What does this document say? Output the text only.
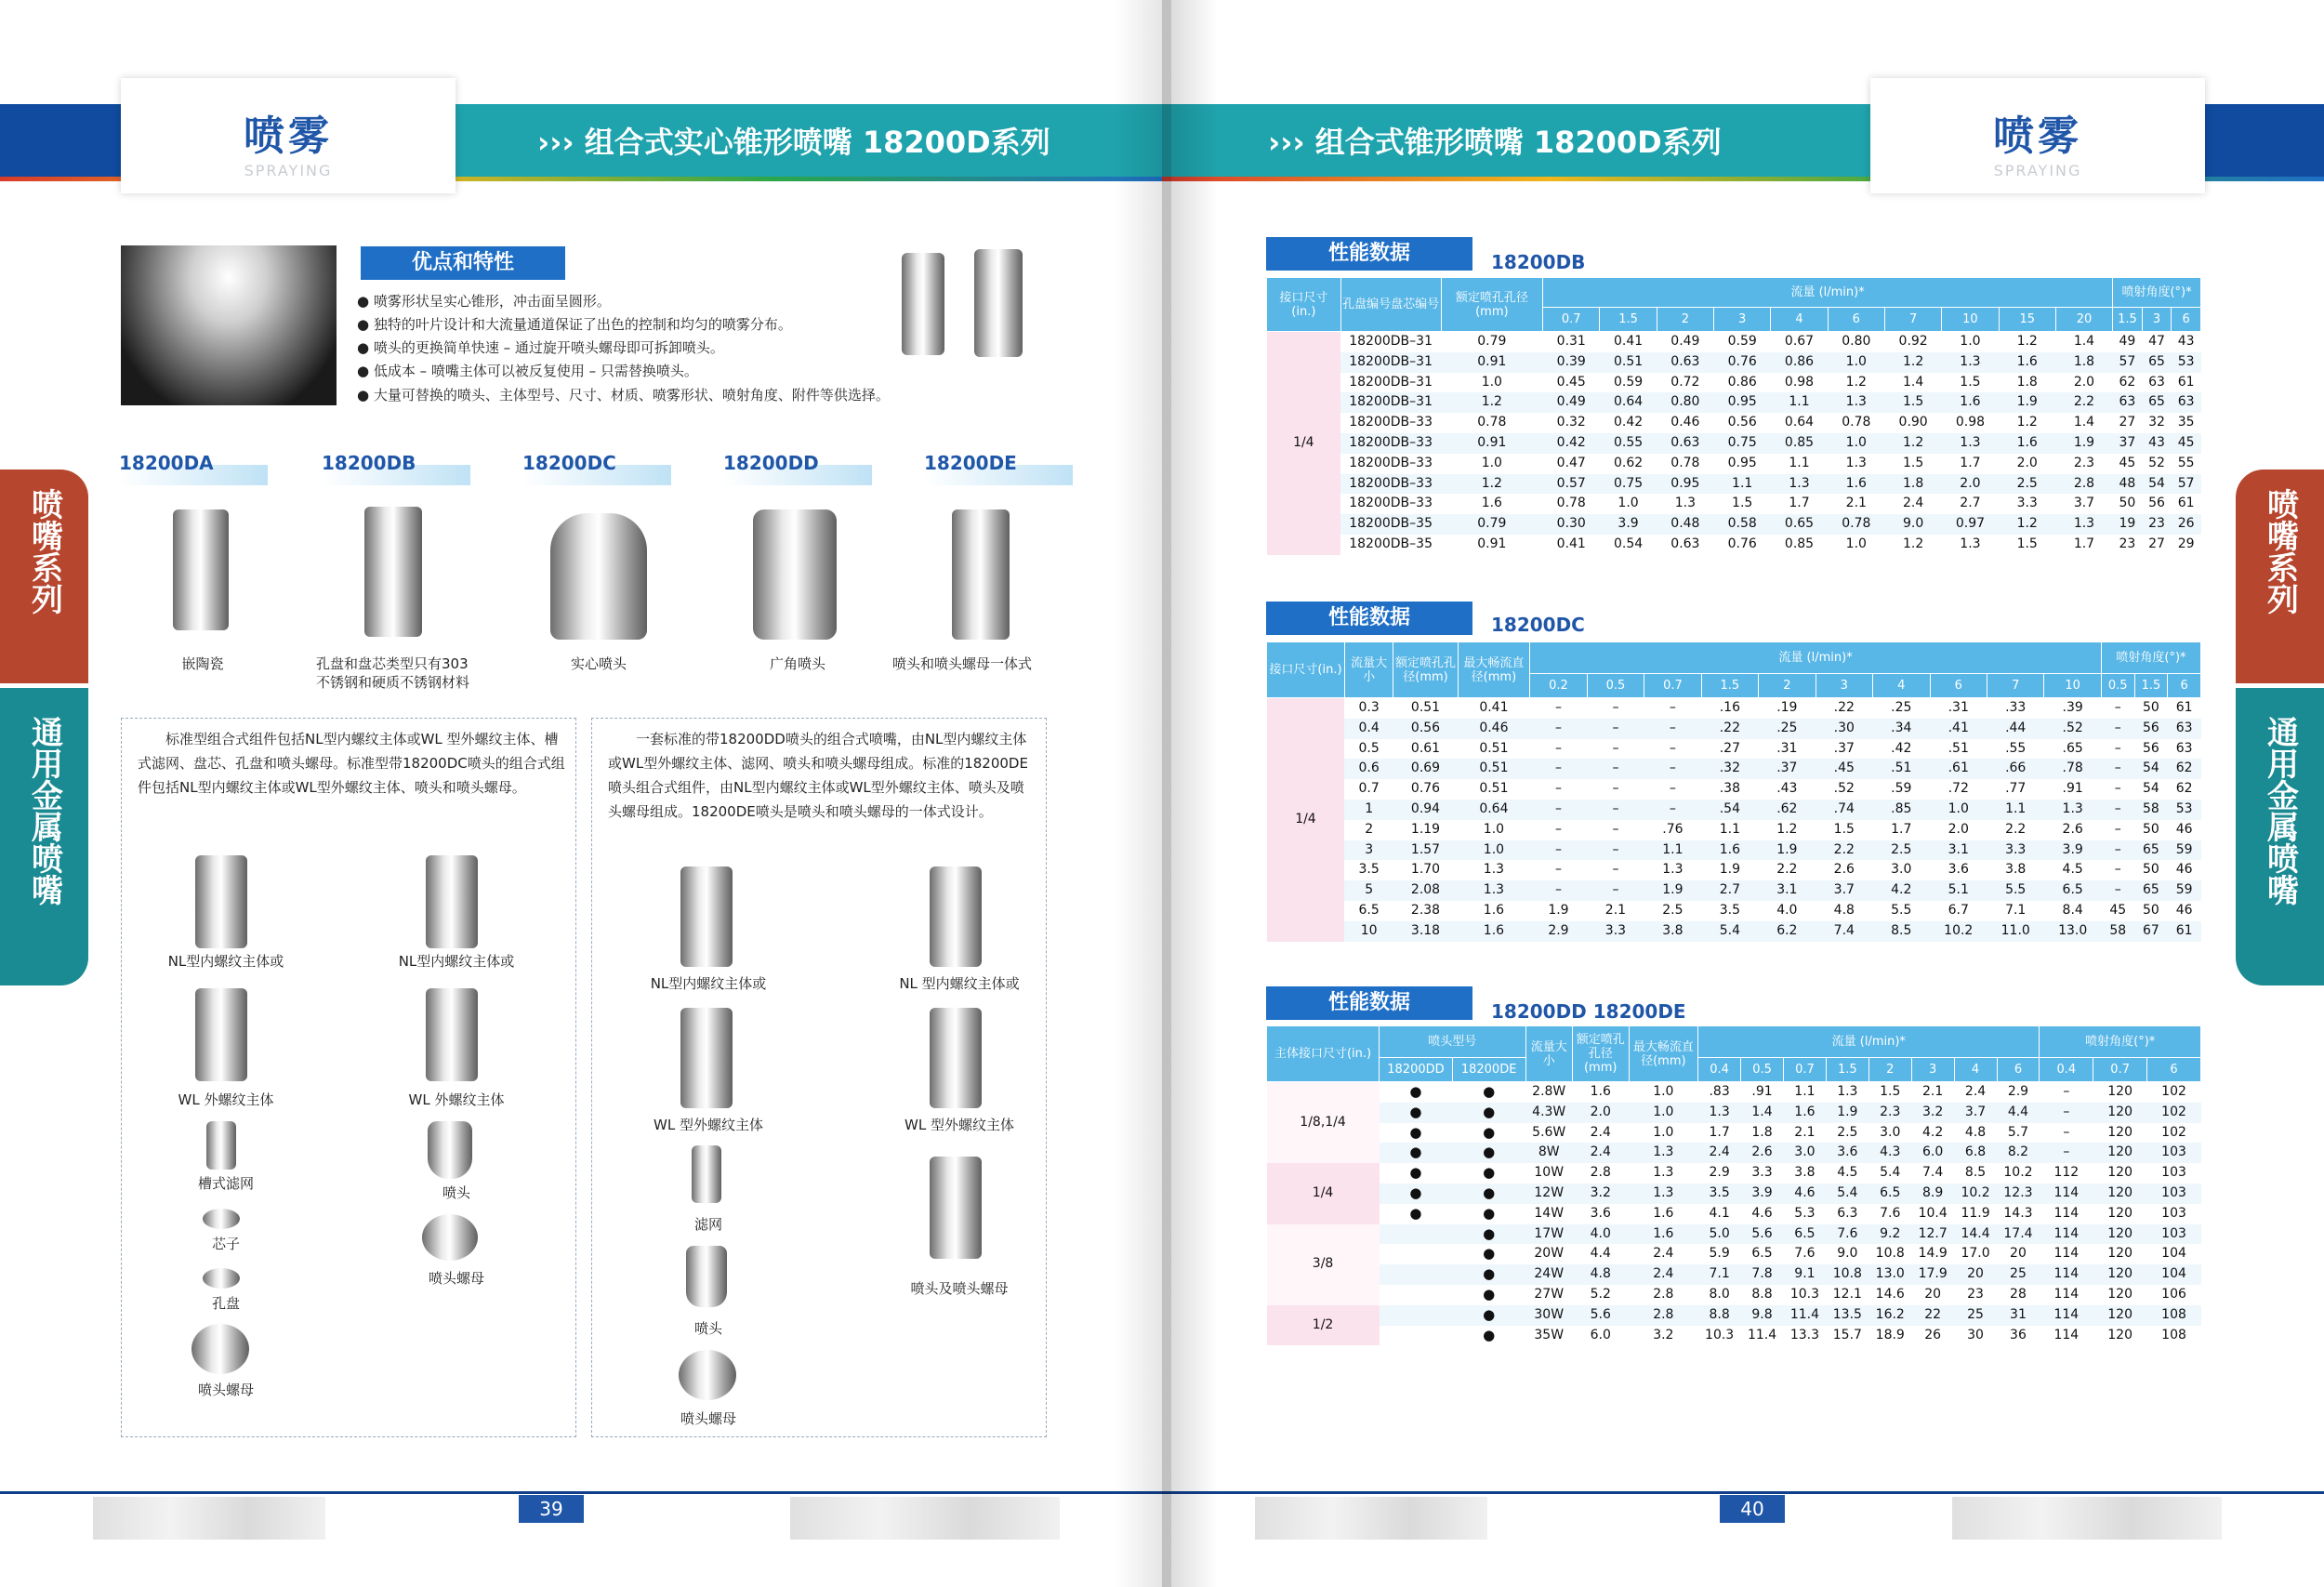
喷雾
SPRAYING
››› 组合式实心锥形喷嘴 18200D系列
喷嘴系列
通用金属喷嘴
优点和特性
● 喷雾形状呈实心锥形，冲击面呈圆形。
● 独特的叶片设计和大流量通道保证了出色的控制和均匀的喷雾分布。
● 喷头的更换简单快速 – 通过旋开喷头螺母即可拆卸喷头。
● 低成本 – 喷嘴主体可以被反复使用 – 只需替换喷头。
● 大量可替换的喷头、主体型号、尺寸、材质、喷雾形状、喷射角度、附件等供选择。
18200DA	18200DB	18200DC	18200DD	18200DE
嵌陶瓷	孔盘和盘芯类型只有303
不锈钢和硬质不锈钢材料
实心喷头	广角喷头	喷头和喷头螺母一体式
标准型组合式组件包括NL型内螺纹主体或WL 型外螺纹主体、槽式滤网、盘芯、孔盘和喷头螺母。标准型带18200DC喷头的组合式组件包括NL型内螺纹主体或WL型外螺纹主体、喷头和喷头螺母。
NL型内螺纹主体或	NL型内螺纹主体或
WL 外螺纹主体	WL 外螺纹主体
槽式滤网
喷头
芯子
喷头螺母
孔盘
喷头螺母
一套标准的带18200DD喷头的组合式喷嘴，由NL型内螺纹主体或WL型外螺纹主体、滤网、喷头和喷头螺母组成。标准的18200DE 喷头组合式组件，由NL型内螺纹主体或WL型外螺纹主体、喷头及喷头螺母组成。18200DE喷头是喷头和喷头螺母的一体式设计。
NL型内螺纹主体或	NL 型内螺纹主体或
WL 型外螺纹主体	WL 型外螺纹主体
滤网
喷头及喷头螺母
喷头
喷头螺母
39
喷雾
SPRAYING
››› 组合式锥形喷嘴 18200D系列
喷嘴系列
通用金属喷嘴
40
性能数据	18200DB
接口尺寸(in.)	孔盘编号盘芯编号	额定喷孔孔径(mm)	流量 (l/min)*										喷射角度(°)*		
			0.7	1.5	2	3	4	6	7	10	15	20	1.5	3	6
1/4	18200DB–31	0.79	0.31	0.41	0.49	0.59	0.67	0.80	0.92	1.0	1.2	1.4	49	47	43
	18200DB–31	0.91	0.39	0.51	0.63	0.76	0.86	1.0	1.2	1.3	1.6	1.8	57	65	53
	18200DB–31	1.0	0.45	0.59	0.72	0.86	0.98	1.2	1.4	1.5	1.8	2.0	62	63	61
	18200DB–31	1.2	0.49	0.64	0.80	0.95	1.1	1.3	1.5	1.6	1.9	2.2	63	65	63
	18200DB–33	0.78	0.32	0.42	0.46	0.56	0.64	0.78	0.90	0.98	1.2	1.4	27	32	35
	18200DB–33	0.91	0.42	0.55	0.63	0.75	0.85	1.0	1.2	1.3	1.6	1.9	37	43	45
	18200DB–33	1.0	0.47	0.62	0.78	0.95	1.1	1.3	1.5	1.7	2.0	2.3	45	52	55
	18200DB–33	1.2	0.57	0.75	0.95	1.1	1.3	1.6	1.8	2.0	2.5	2.8	48	54	57
	18200DB–33	1.6	0.78	1.0	1.3	1.5	1.7	2.1	2.4	2.7	3.3	3.7	50	56	61
	18200DB–35	0.79	0.30	3.9	0.48	0.58	0.65	0.78	9.0	0.97	1.2	1.3	19	23	26
	18200DB–35	0.91	0.41	0.54	0.63	0.76	0.85	1.0	1.2	1.3	1.5	1.7	23	27	29
性能数据	18200DC
接口尺寸(in.)	流量大小	额定喷孔孔径(mm)	最大畅流直径(mm)	流量 (l/min)*										喷射角度(°)*		
				0.2	0.5	0.7	1.5	2	3	4	6	7	10	0.5	1.5	6
1/4	0.3	0.51	0.41	–	–	–	.16	.19	.22	.25	.31	.33	.39	–	50	61
	0.4	0.56	0.46	–	–	–	.22	.25	.30	.34	.41	.44	.52	–	56	63
	0.5	0.61	0.51	–	–	–	.27	.31	.37	.42	.51	.55	.65	–	56	63
	0.6	0.69	0.51	–	–	–	.32	.37	.45	.51	.61	.66	.78	–	54	62
	0.7	0.76	0.51	–	–	–	.38	.43	.52	.59	.72	.77	.91	–	54	62
	1	0.94	0.64	–	–	–	.54	.62	.74	.85	1.0	1.1	1.3	–	58	53
	2	1.19	1.0	–	–	.76	1.1	1.2	1.5	1.7	2.0	2.2	2.6	–	50	46
	3	1.57	1.0	–	–	1.1	1.6	1.9	2.2	2.5	3.1	3.3	3.9	–	65	59
	3.5	1.70	1.3	–	–	1.3	1.9	2.2	2.6	3.0	3.6	3.8	4.5	–	50	46
	5	2.08	1.3	–	–	1.9	2.7	3.1	3.7	4.2	5.1	5.5	6.5	–	65	59
	6.5	2.38	1.6	1.9	2.1	2.5	3.5	4.0	4.8	5.5	6.7	7.1	8.4	45	50	46
	10	3.18	1.6	2.9	3.3	3.8	5.4	6.2	7.4	8.5	10.2	11.0	13.0	58	67	61
性能数据	18200DD 18200DE
主体接口尺寸(in.)	喷头型号		流量大小	额定喷孔孔径(mm)	最大畅流直径(mm)	流量 (l/min)*								喷射角度(°)*		
	18200DD	18200DE				0.4	0.5	0.7	1.5	2	3	4	6	0.4	0.7	6
1/8,1/4	●	●	2.8W	1.6	1.0	.83	.91	1.1	1.3	1.5	2.1	2.4	2.9	–	120	102
	●	●	4.3W	2.0	1.0	1.3	1.4	1.6	1.9	2.3	3.2	3.7	4.4	–	120	102
	●	●	5.6W	2.4	1.0	1.7	1.8	2.1	2.5	3.0	4.2	4.8	5.7	–	120	102
	●	●	8W	2.4	1.3	2.4	2.6	3.0	3.6	4.3	6.0	6.8	8.2	–	120	103
1/4	●	●	10W	2.8	1.3	2.9	3.3	3.8	4.5	5.4	7.4	8.5	10.2	112	120	103
	●	●	12W	3.2	1.3	3.5	3.9	4.6	5.4	6.5	8.9	10.2	12.3	114	120	103
	●	●	14W	3.6	1.6	4.1	4.6	5.3	6.3	7.6	10.4	11.9	14.3	114	120	103
3/8		●	17W	4.0	1.6	5.0	5.6	6.5	7.6	9.2	12.7	14.4	17.4	114	120	103
		●	20W	4.4	2.4	5.9	6.5	7.6	9.0	10.8	14.9	17.0	20	114	120	104
		●	24W	4.8	2.4	7.1	7.8	9.1	10.8	13.0	17.9	20	25	114	120	104
		●	27W	5.2	2.8	8.0	8.8	10.3	12.1	14.6	20	23	28	114	120	106
1/2		●	30W	5.6	2.8	8.8	9.8	11.4	13.5	16.2	22	25	31	114	120	108
		●	35W	6.0	3.2	10.3	11.4	13.3	15.7	18.9	26	30	36	114	120	108
